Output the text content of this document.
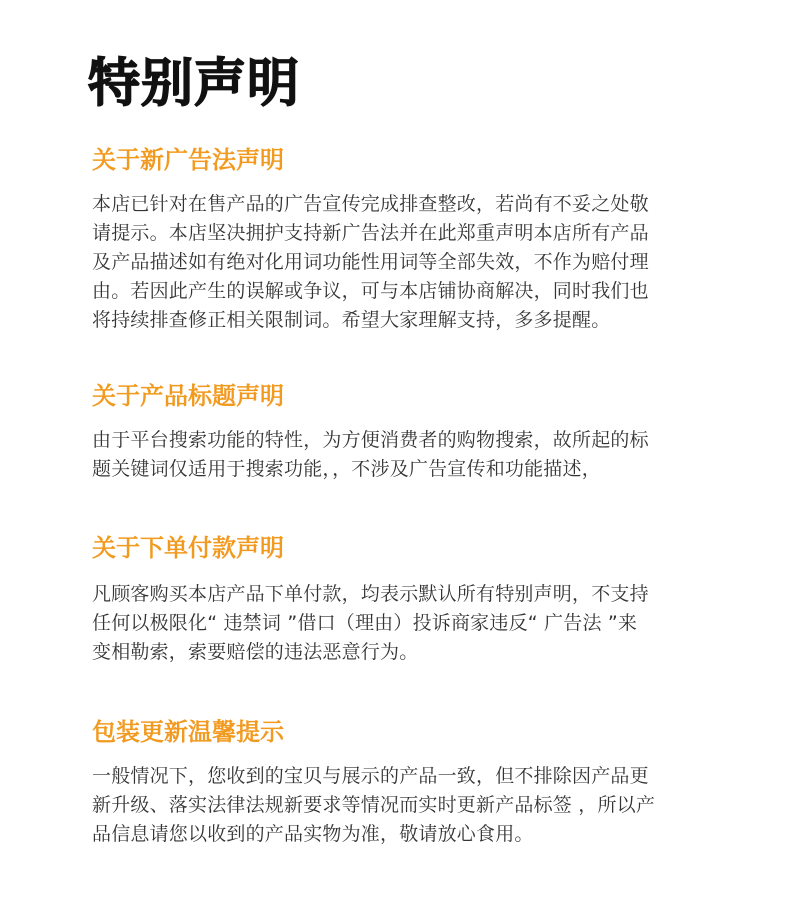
特别声明
关于新广告法声明

本店已针对在售产品的广告宣传完成排查整改，若尚有不妥之处敬
请提示。本店坚决拥护支持新广告法并在此郑重声明本店所有产品
及产品描述如有绝对化用词功能性用词等全部失效，不作为赔付理
由。若因此产生的误解或争议，可与本店铺协商解决，同时我们也
将持续排查修正相关限制词。希望大家理解支持，多多提醒。

关于产品标题声明

由于平台搜索功能的特性，为方便消费者的购物搜索，故所起的标
题关键词仅适用于搜索功能，，不涉及广告宣传和功能描述，

关于下单付款声明

凡顾客购买本店产品下单付款，均表示默认所有特别声明，不支持
任何以极限化“ 违禁词 ”借口（理由）投诉商家违反“ 广告法 ”来
变相勒索，索要赔偿的违法恶意行为。

包装更新温馨提示

一般情况下，您收到的宝贝与展示的产品一致，但不排除因产品更
新升级、落实法律法规新要求等情况而实时更新产品标签 ，所以产
品信息请您以收到的产品实物为准，敬请放心食用。
